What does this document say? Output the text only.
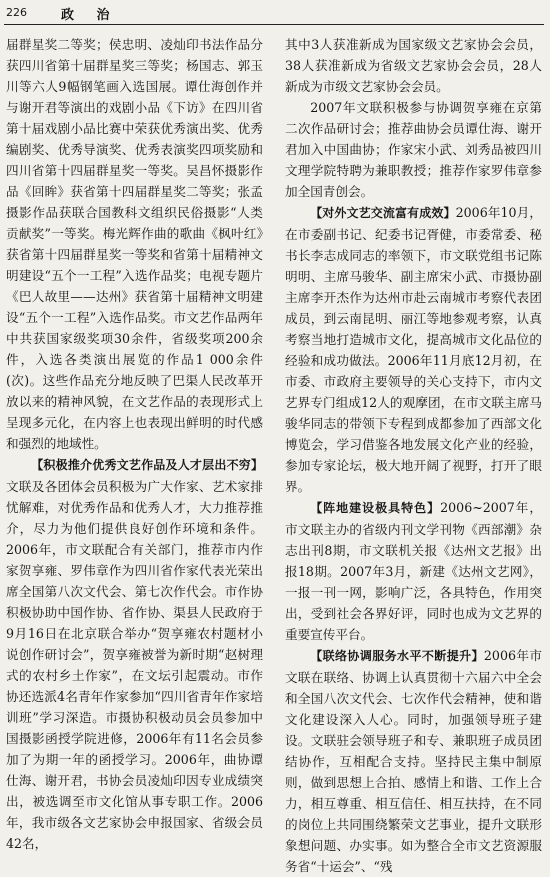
226	政 治

届群星奖二等奖；侯忠明、凌灿印书法作品分获四川省第十届群星奖三等奖；杨国志、郭玉川等六人9幅钢笔画入选国展。谭仕海创作并与谢开君等演出的戏剧小品《下访》在四川省第十届戏剧小品比赛中荣获优秀演出奖、优秀编剧奖、优秀导演奖、优秀表演奖四项奖励和四川省第十四届群星奖一等奖。吴昌怀摄影作品《回眸》获省第十四届群星奖二等奖；张孟摄影作品获联合国教科文组织民俗摄影“人类贡献奖”一等奖。梅光辉作曲的歌曲《枫叶红》获省第十四届群星奖一等奖和省第十届精神文明建设“五个一工程”入选作品奖；电视专题片《巴人故里——达州》获省第十届精神文明建设“五个一工程”入选作品奖。市文艺作品两年中共获国家级奖项30余件，省级奖项200余件，入选各类演出展览的作品1 000余件(次)。这些作品充分地反映了巴渠人民改革开放以来的精神风貌，在文艺作品的表现形式上呈现多元化，在内容上也表现出鲜明的时代感和强烈的地域性。

【积极推介优秀文艺作品及人才层出不穷】文联及各团体会员积极为广大作家、艺术家排忧解难，对优秀作品和优秀人才，大力推荐推介，尽力为他们提供良好创作环境和条件。2006年，市文联配合有关部门，推荐市内作家贺享雍、罗伟章作为四川省作家代表光荣出席全国第八次文代会、第七次作代会。市作协积极协助中国作协、省作协、渠县人民政府于9月16日在北京联合举办“贺享雍农村题材小说创作研讨会”，贺享雍被誉为新时期“赵树理式的农村乡土作家”，在文坛引起震动。市作协还选派4名青年作家参加“四川省青年作家培训班”学习深造。市摄协积极动员会员参加中国摄影函授学院进修，2006年有11名会员参加了为期一年的函授学习。2006年，曲协谭仕海、谢开君，书协会员凌灿印因专业成绩突出，被选调至市文化馆从事专职工作。2006年，我市级各文艺家协会申报国家、省级会员42名，

其中3人获准新成为国家级文艺家协会会员，38人获准新成为省级文艺家协会会员，28人新成为市级文艺家协会会员。

2007年文联积极参与协调贺享雍在京第二次作品研讨会；推荐曲协会员谭仕海、谢开君加入中国曲协；作家宋小武、刘秀品被四川文理学院特聘为兼职教授；推荐作家罗伟章参加全国青创会。

【对外文艺交流富有成效】2006年10月，在市委副书记、纪委书记胥健，市委常委、秘书长李志成同志的率领下，市文联党组书记陈明明、主席马骏华、副主席宋小武、市摄协副主席李开杰作为达州市赴云南城市考察代表团成员，到云南昆明、丽江等地参观考察，认真考察当地打造城市文化，提高城市文化品位的经验和成功做法。2006年11月底12月初，在市委、市政府主要领导的关心支持下，市内文艺界专门组成12人的观摩团，在市文联主席马骏华同志的带领下专程到成都参加了西部文化博览会，学习借鉴各地发展文化产业的经验，参加专家论坛，极大地开阔了视野，打开了眼界。

【阵地建设极具特色】2006~2007年，市文联主办的省级内刊文学刊物《西部潮》杂志出刊8期，市文联机关报《达州文艺报》出报18期。2007年3月，新建《达州文艺网》，一报一刊一网，影响广泛，各具特色，作用突出，受到社会各界好评，同时也成为文艺界的重要宣传平台。

【联络协调服务水平不断提升】2006年市文联在联络、协调上认真贯彻十六届六中全会和全国八次文代会、七次作代会精神，使和谐文化建设深入人心。同时，加强领导班子建设。文联驻会领导班子和专、兼职班子成员团结协作，互相配合支持。坚持民主集中制原则，做到思想上合拍、感情上和谐、工作上合力，相互尊重、相互信任、相互扶持，在不同的岗位上共同围绕繁荣文艺事业，提升文联形象想问题、办实事。如为整合全市文艺资源服务省“十运会”、“残
